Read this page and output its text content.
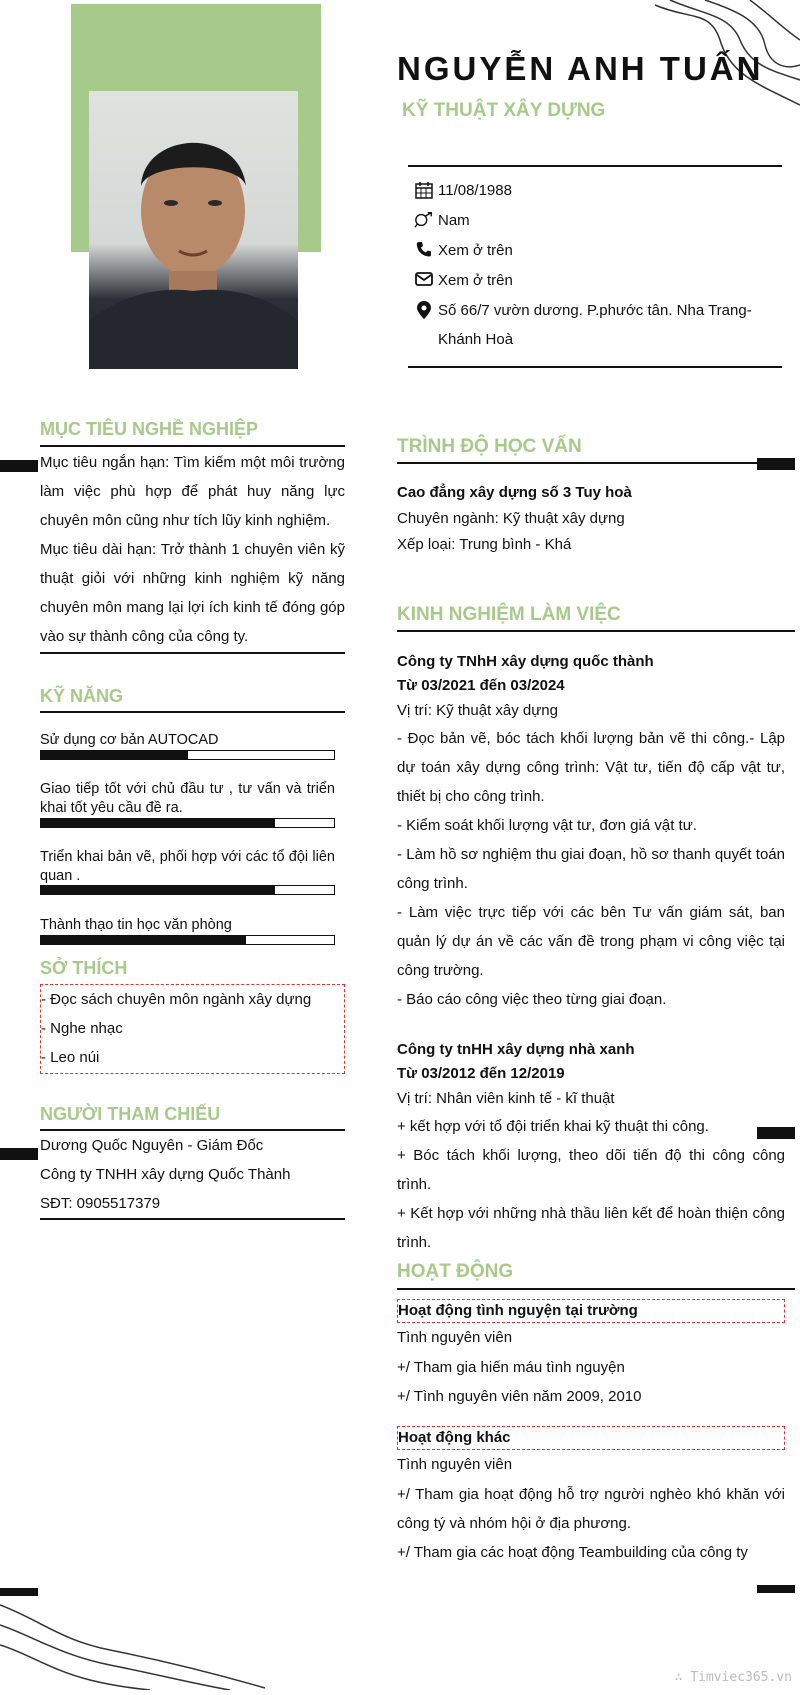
NGUYỄN ANH TUẤN
KỸ THUẬT XÂY DỰNG
11/08/1988
Nam
Xem ở trên
Xem ở trên
Số 66/7 vườn dương. P.phước tân. Nha Trang-
Khánh Hoà
MỤC TIÊU NGHỀ NGHIỆP

Mục tiêu ngắn hạn: Tìm kiếm một môi trường làm việc phù hợp để phát huy năng lực chuyên môn cũng như tích lũy kinh nghiệm.

Mục tiêu dài hạn: Trở thành 1 chuyên viên kỹ thuật giỏi với những kinh nghiệm kỹ năng chuyên môn mang lại lợi ích kinh tế đóng góp vào sự thành công của công ty.

KỸ NĂNG
Sử dụng cơ bản AUTOCAD
Giao tiếp tốt với chủ đầu tư , tư vấn và triển khai tốt yêu cầu đề ra.
Triển khai bản vẽ, phối hợp với các tổ đội liên quan .
Thành thạo tin học văn phòng
SỞ THÍCH
- Đọc sách chuyên môn ngành xây dựng
- Nghe nhạc
- Leo núi
NGƯỜI THAM CHIẾU
Dương Quốc Nguyên - Giám Đốc
Công ty TNHH xây dựng Quốc Thành
SĐT: 0905517379
TRÌNH ĐỘ HỌC VẤN
Cao đẳng xây dựng số 3 Tuy hoà
Chuyên ngành: Kỹ thuật xây dựng
Xếp loại: Trung bình - Khá
KINH NGHIỆM LÀM VIỆC
Công ty TNhH xây dựng quốc thành
Từ 03/2021 đến 03/2024
Vị trí: Kỹ thuật xây dựng
- Đọc bản vẽ, bóc tách khối lượng bản vẽ thi công.- Lập dự toán xây dựng công trình: Vật tư, tiến độ cấp vật tư, thiết bị cho công trình.
- Kiểm soát khối lượng vật tư, đơn giá vật tư.
- Làm hồ sơ nghiệm thu giai đoạn, hồ sơ thanh quyết toán công trình.
- Làm việc trực tiếp với các bên Tư vấn giám sát, ban quản lý dự án về các vấn đề trong phạm vi công việc tại công trường.
- Báo cáo công việc theo từng giai đoạn.
Công ty tnHH xây dựng nhà xanh
Từ 03/2012 đến 12/2019
Vị trí: Nhân viên kinh tế - kĩ thuật
+ kết hợp với tổ đội triển khai kỹ thuật thi công.
+ Bóc tách khối lượng, theo dõi tiến độ thi công công trình.
+ Kết hợp với những nhà thầu liên kết để hoàn thiện công trình.
HOẠT ĐỘNG
Hoạt động tình nguyện tại trường
Tình nguyên viên
+/ Tham gia hiến máu tình nguyện
+/ Tình nguyên viên năm 2009, 2010
Hoạt động khác
Tình nguyên viên
+/ Tham gia hoạt động hỗ trợ người nghèo khó khăn với công tý và nhóm hội ở địa phương.
+/ Tham gia các hoạt động Teambuilding của công ty
∴ Timviec365.vn
